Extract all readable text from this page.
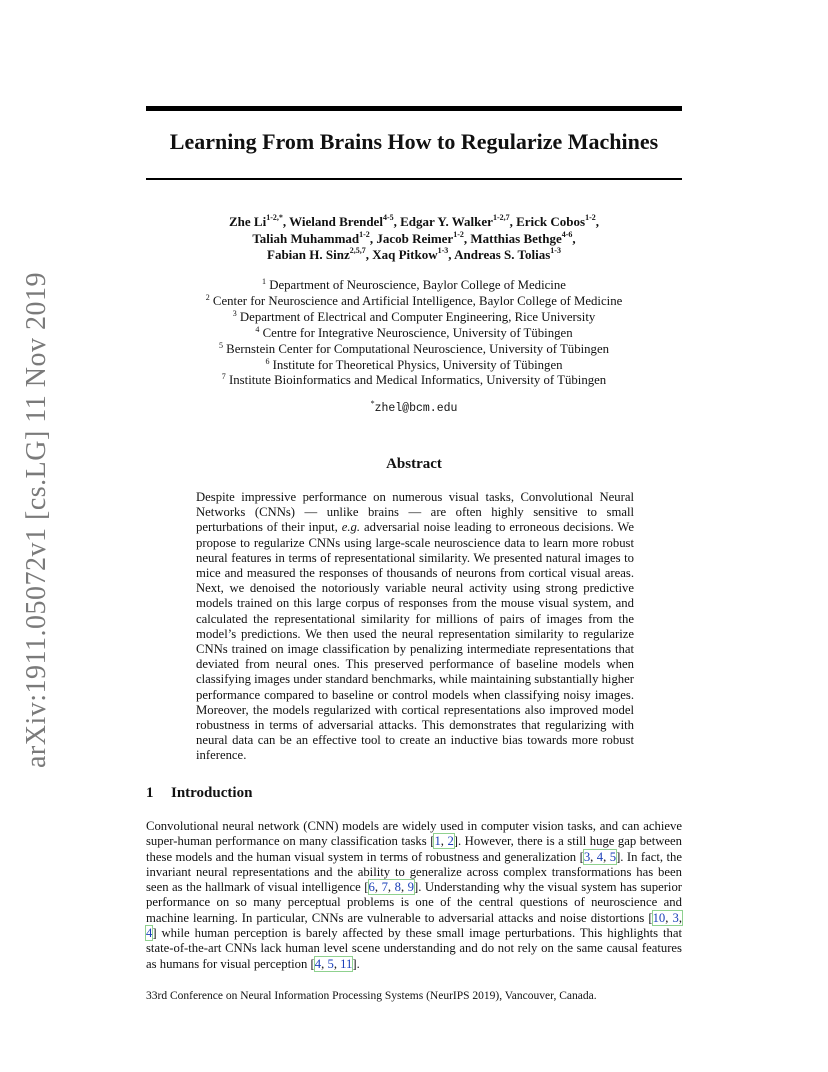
arXiv:1911.05072v1 [cs.LG] 11 Nov 2019
Learning From Brains How to Regularize Machines

Zhe $Li^{1-2,*}$, Wieland Brendel$^{4-5}$, Edgar Y. Walker$^{1-2,7}$, Erick Cobos$^{1-2}$,
Taliah Muhammad$^{1-2}$, Jacob Reimer$^{1-2}$, Matthias Bethge$^{4-6}$,
Fabian H. Sinz$^{2,5,7}$, Xaq Pitkow$^{1-3}$, Andreas S. Tolias$^{1-3}$

$^1$ Department of Neuroscience, Baylor College of Medicine
$^2$ Center for Neuroscience and Artificial Intelligence, Baylor College of Medicine
$^3$ Department of Electrical and Computer Engineering, Rice University
$^4$ Centre for Integrative Neuroscience, University of Tübingen
$^5$ Bernstein Center for Computational Neuroscience, University of Tübingen
$^6$ Institute for Theoretical Physics, University of Tübingen
$^7$ Institute Bioinformatics and Medical Informatics, University of Tübingen
*zhel@bcm.edu
Abstract

Despite impressive performance on numerous visual tasks, Convolutional Neural Networks (CNNs) — unlike brains — are often highly sensitive to small perturbations of their input, e.g. adversarial noise leading to erroneous decisions. We propose to regularize CNNs using large-scale neuroscience data to learn more robust neural features in terms of representational similarity. We presented natural images to mice and measured the responses of thousands of neurons from cortical visual areas. Next, we denoised the notoriously variable neural activity using strong predictive models trained on this large corpus of responses from the mouse visual system, and calculated the representational similarity for millions of pairs of images from the model’s predictions. We then used the neural representation similarity to regularize CNNs trained on image classification by penalizing intermediate representations that deviated from neural ones. This preserved performance of baseline models when classifying images under standard benchmarks, while maintaining substantially higher performance compared to baseline or control models when classifying noisy images. Moreover, the models regularized with cortical representations also improved model robustness in terms of adversarial attacks. This demonstrates that regularizing with neural data can be an effective tool to create an inductive bias towards more robust inference.

1 Introduction

Convolutional neural network (CNN) models are widely used in computer vision tasks, and can achieve super-human performance on many classification tasks [1, 2]. However, there is a still huge gap between these models and the human visual system in terms of robustness and generalization [3, 4, 5]. In fact, the invariant neural representations and the ability to generalize across complex transformations has been seen as the hallmark of visual intelligence [6, 7, 8, 9]. Understanding why the visual system has superior performance on so many perceptual problems is one of the central questions of neuroscience and machine learning. In particular, CNNs are vulnerable to adversarial attacks and noise distortions [10, 3, 4] while human perception is barely affected by these small image perturbations. This highlights that state-of-the-art CNNs lack human level scene understanding and do not rely on the same causal features as humans for visual perception [4, 5, 11].

33rd Conference on Neural Information Processing Systems (NeurIPS 2019), Vancouver, Canada.
